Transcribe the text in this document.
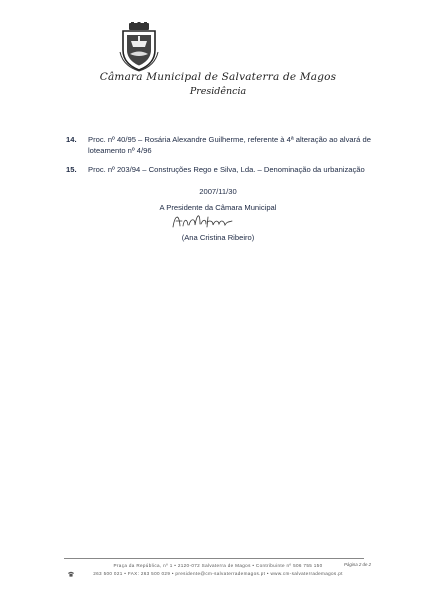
Câmara Municipal de Salvaterra de Magos
Presidência
14. Proc. nº 40/95 – Rosária Alexandre Guilherme, referente à 4ª alteração ao alvará de loteamento nº 4/96
15. Proc. nº 203/94 – Construções Rego e Silva, Lda. – Denominação da urbanização
2007/11/30
A Presidente da Câmara Municipal
(Ana Cristina Ribeiro)
Praça da República, nº 1 • 2120-072 Salvaterra de Magos • Contribuinte nº 506 755 150	Página 2 de 2
263 500 021 • FAX: 263 500 029 • presidente@cm-salvaterrademagos.pt • www.cm-salvaterrademagos.pt
